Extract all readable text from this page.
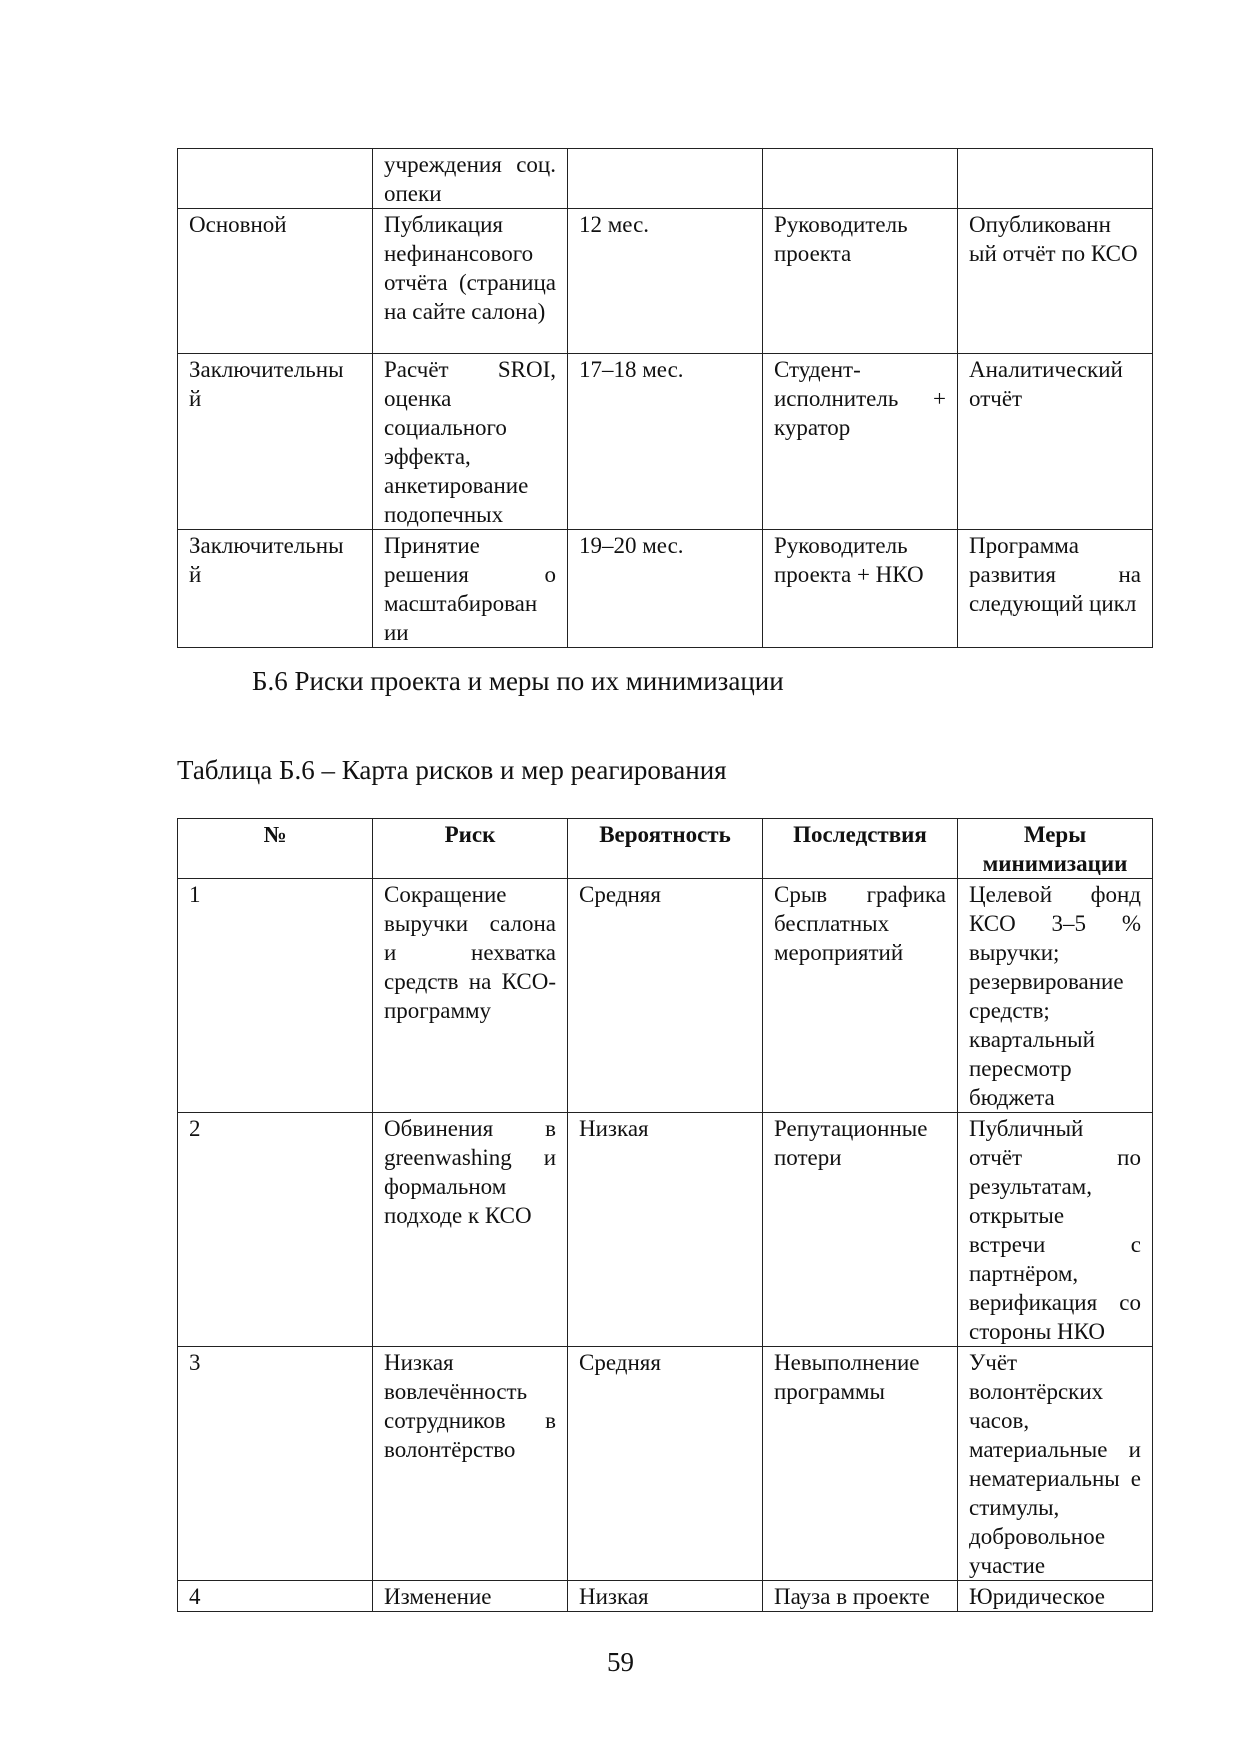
	учреждения соц. опеки			
Основной	Публикация нефинансового отчёта (страница на сайте салона)	12 мес.	Руководитель проекта	Опубликованн ый отчёт по КСО
Заключительны й	Расчёт SROI, оценка социального эффекта, анкетирование подопечных	17–18 мес.	Студент-исполнитель + куратор	Аналитический отчёт
Заключительны й	Принятие решения о масштабирован ии	19–20 мес.	Руководитель проекта + НКО	Программа развития на следующий цикл
Б.6 Риски проекта и меры по их минимизации

Таблица Б.6 – Карта рисков и мер реагирования

№	Риск	Вероятность	Последствия	Меры минимизации
1	Сокращение выручки салона и нехватка средств на КСО-программу	Средняя	Срыв графика бесплатных мероприятий	Целевой фонд КСО 3–5 % выручки; резервирование средств; квартальный пересмотр бюджета
2	Обвинения в greenwashing и формальном подходе к КСО	Низкая	Репутационные потери	Публичный отчёт по результатам, открытые встречи с партнёром, верификация со стороны НКО
3	Низкая вовлечённость сотрудников в волонтёрство	Средняя	Невыполнение программы	Учёт волонтёрских часов, материальные и нематериальны е стимулы, добровольное участие
4	Изменение	Низкая	Пауза в проекте	Юридическое
59
